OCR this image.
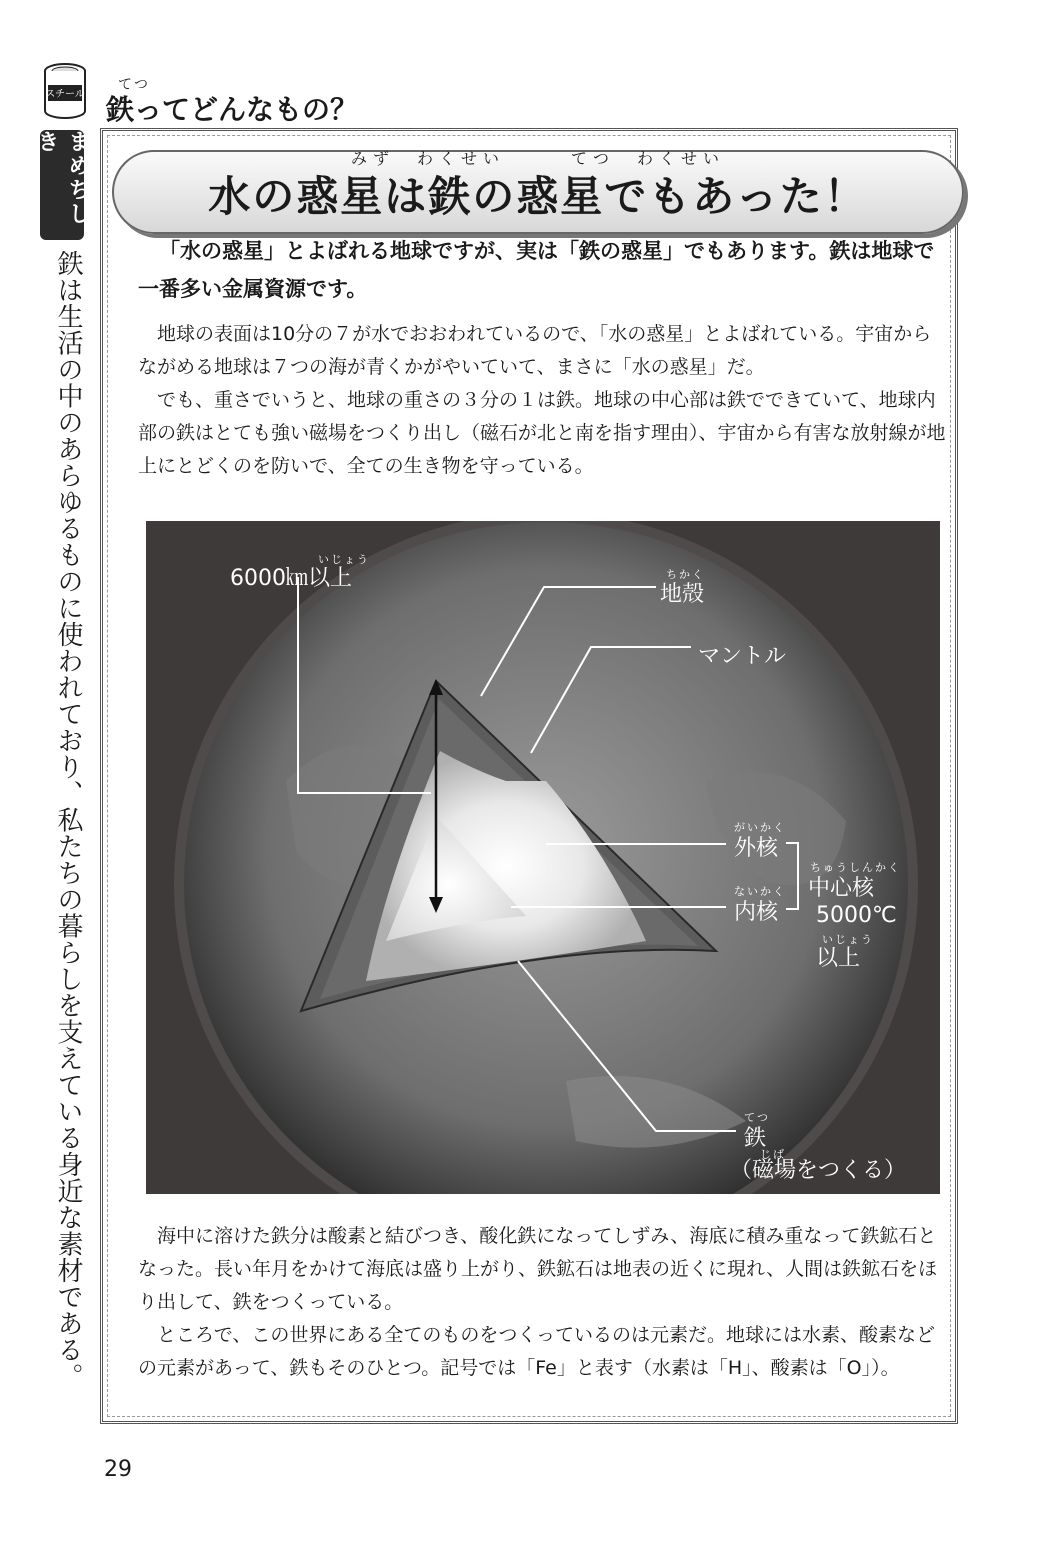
スチール
てつ
鉄ってどんなもの？
まめちしき
鉄は生活の中のあらゆるものに使われており、私たちの暮らしを支えている身近な素材である。
みず　わくせい　　　てつ　わくせい
水の惑星は鉄の惑星でもあった！

「水の惑星」とよばれる地球ですが、実は「鉄の惑星」でもあります。鉄は地球で一番多い金属資源です。

地球の表面は10分の７が水でおおわれているので、「水の惑星」とよばれている。宇宙からながめる地球は７つの海が青くかがやいていて、まさに「水の惑星」だ。

でも、重さでいうと、地球の重さの３分の１は鉄。地球の中心部は鉄でできていて、地球内部の鉄はとても強い磁場をつくり出し（磁石が北と南を指す理由）、宇宙から有害な放射線が地上にとどくのを防いで、全ての生き物を守っている。

いじょう
6000㎞以上	ちかく
地殻
マントル
がいかく
外核
ないかく
内核
ちゅうしんかく
中心核
5000℃
いじょう
以上
てつ
鉄
じば
（磁場をつくる）

海中に溶けた鉄分は酸素と結びつき、酸化鉄になってしずみ、海底に積み重なって鉄鉱石となった。長い年月をかけて海底は盛り上がり、鉄鉱石は地表の近くに現れ、人間は鉄鉱石をほり出して、鉄をつくっている。

ところで、この世界にある全てのものをつくっているのは元素だ。地球には水素、酸素などの元素があって、鉄もそのひとつ。記号では「Fe」と表す（水素は「H」、酸素は「O」）。

29
